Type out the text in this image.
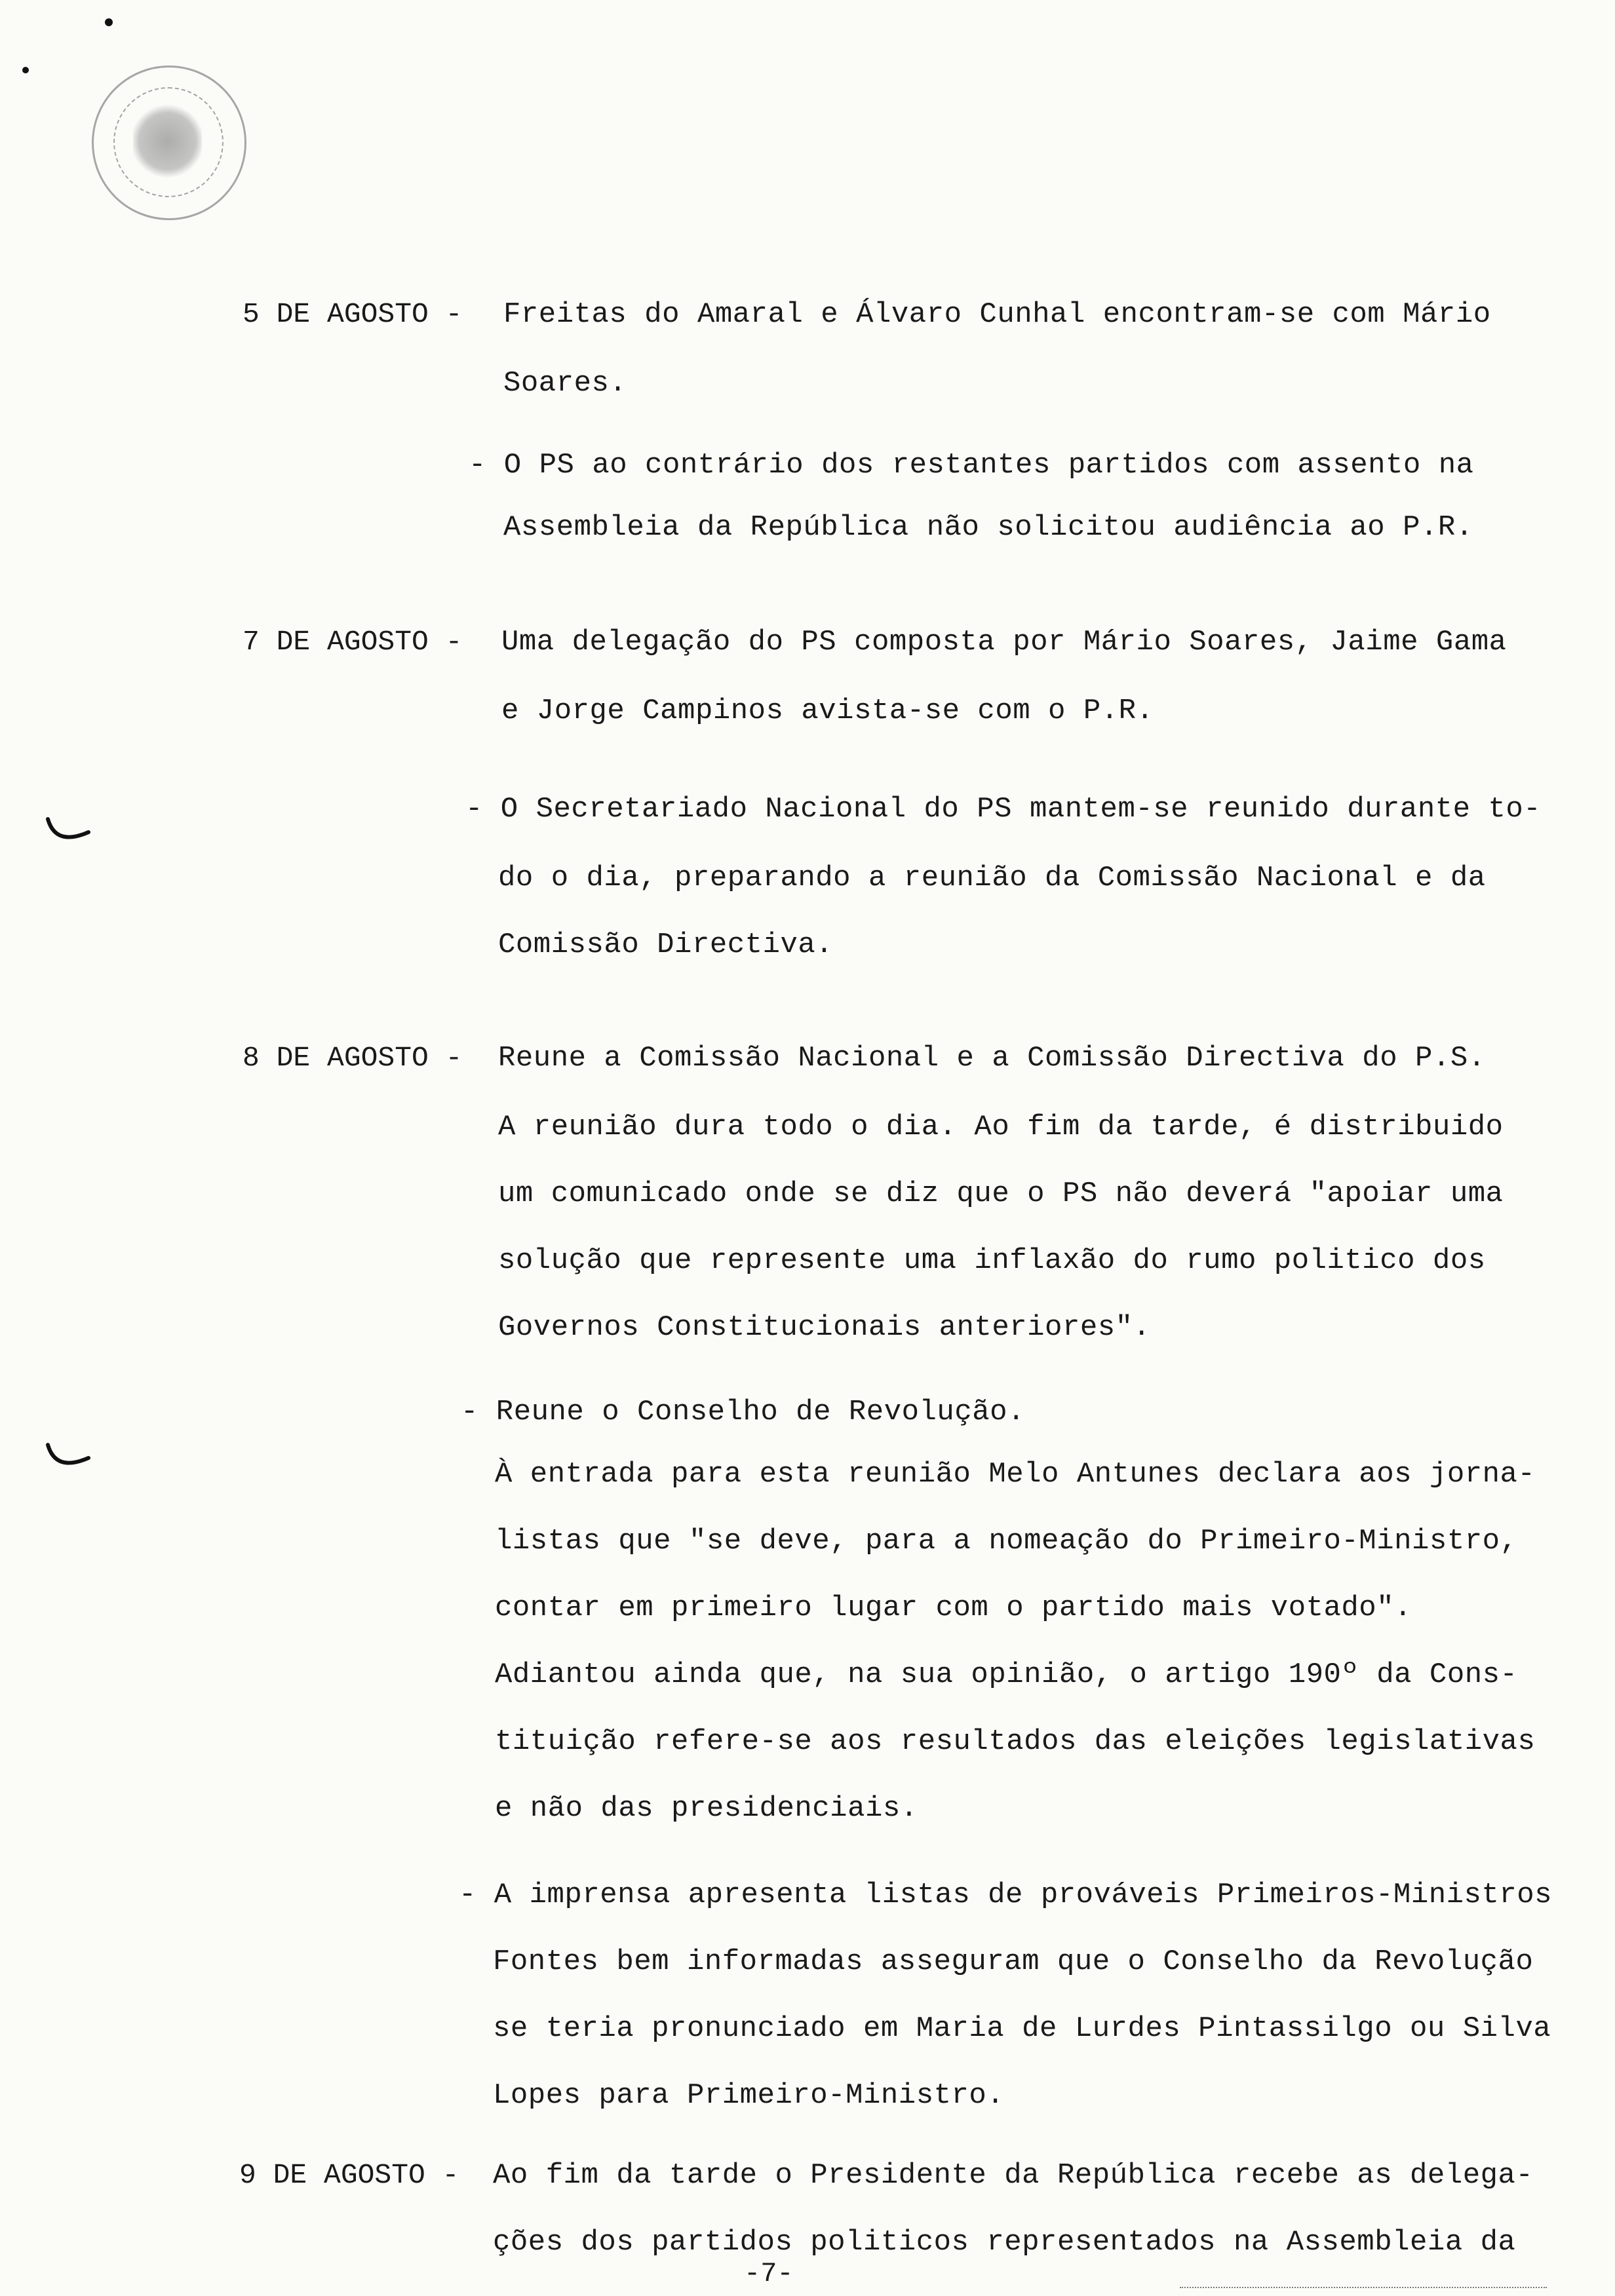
5 DE AGOSTO -	Freitas do Amaral e Álvaro Cunhal encontram-se com Mário
Soares.
- O PS ao contrário dos restantes partidos com assento na
Assembleia da República não solicitou audiência ao P.R.
7 DE AGOSTO -	Uma delegação do PS composta por Mário Soares, Jaime Gama
e Jorge Campinos avista-se com o P.R.
- O Secretariado Nacional do PS mantem-se reunido durante to-
do o dia, preparando a reunião da Comissão Nacional e da
Comissão Directiva.
8 DE AGOSTO -	Reune a Comissão Nacional e a Comissão Directiva do P.S.
A reunião dura todo o dia. Ao fim da tarde, é distribuido
um comunicado onde se diz que o PS não deverá "apoiar uma
solução que represente uma inflaxão do rumo politico dos
Governos Constitucionais anteriores".
- Reune o Conselho de Revolução.
À entrada para esta reunião Melo Antunes declara aos jorna-
listas que "se deve, para a nomeação do Primeiro-Ministro,
contar em primeiro lugar com o partido mais votado".
Adiantou ainda que, na sua opinião, o artigo 190º da Cons-
tituição refere-se aos resultados das eleições legislativas
e não das presidenciais.
- A imprensa apresenta listas de prováveis Primeiros-Ministros
Fontes bem informadas asseguram que o Conselho da Revolução
se teria pronunciado em Maria de Lurdes Pintassilgo ou Silva
Lopes para Primeiro-Ministro.
9 DE AGOSTO -	Ao fim da tarde o Presidente da República recebe as delega-
ções dos partidos politicos representados na Assembleia da
-7-
